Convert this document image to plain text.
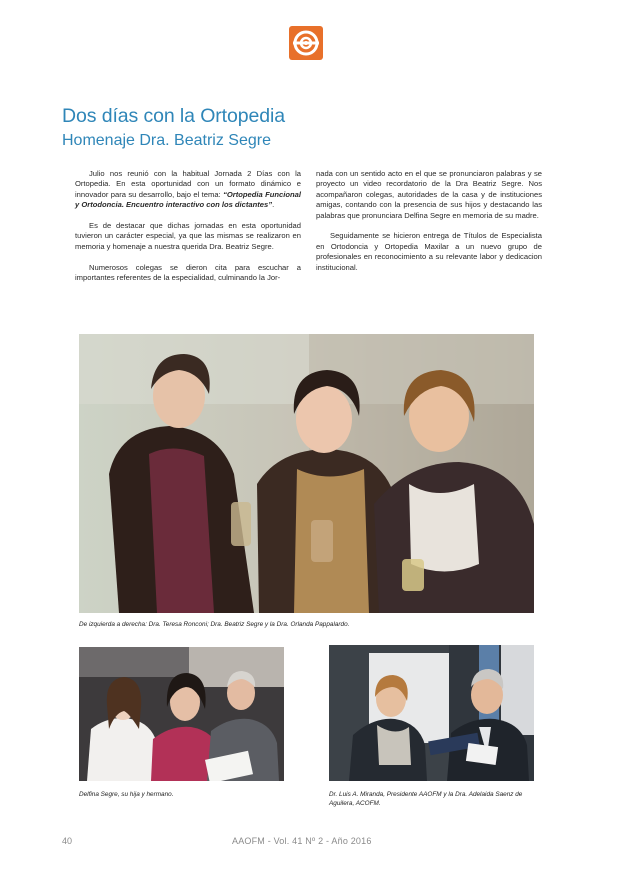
Dos días con la Ortopedia
Homenaje Dra. Beatriz Segre

Julio nos reunió con la habitual Jornada 2 Días con la Ortopedia. En esta oportunidad con un formato dinámico e innovador para su desarrollo, bajo el tema: “Ortopedia Funcional y Ortodoncia. Encuentro interactivo con los dictantes”.

Es de destacar que dichas jornadas en esta oportunidad tuvieron un carácter especial, ya que las mismas se realizaron en memoria y homenaje a nuestra querida Dra. Beatriz Segre.

Numerosos colegas se dieron cita para escuchar a importantes referentes de la especialidad, culminando la Jor-

nada con un sentido acto en el que se pronunciaron palabras y se proyecto un video recordatorio de la Dra Beatriz Segre. Nos acompañaron colegas, autoridades de la casa y de instituciones amigas, contando con la presencia de sus hijos y destacando las palabras que pronunciara Delfina Segre en memoria de su madre.

Seguidamente se hicieron entrega de Títulos de Especialista en Ortodoncia y Ortopedia Maxilar a un nuevo grupo de profesionales en reconocimiento a su relevante labor y dedicacion institucional.

De izquierda a derecha: Dra. Teresa Ronconi; Dra. Beatriz Segre y la Dra. Orlanda Pappalardo.
Delfina Segre, su hija y hermano.	Dr. Luis A. Miranda, Presidente AAOFM y la Dra. Adelaida Saenz de Aguilera, ACOFM.
40	AAOFM - Vol. 41 Nº 2 - Año 2016
